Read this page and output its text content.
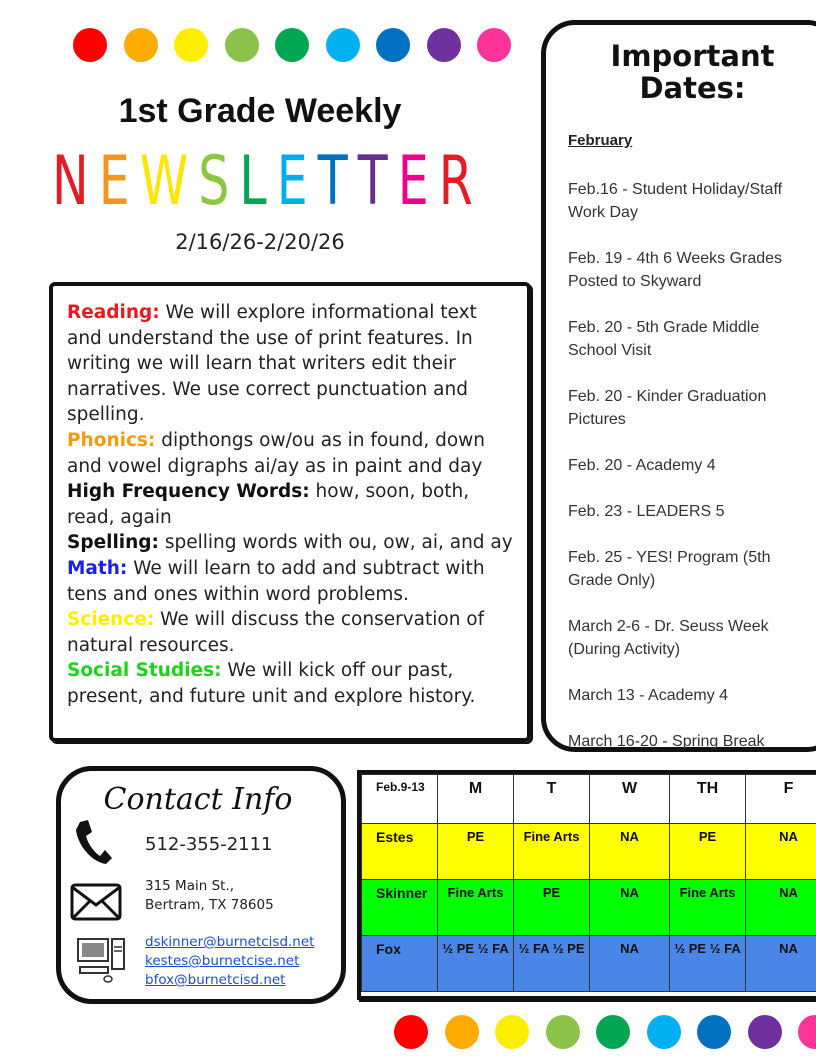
1st Grade Weekly
N E W S L E T T E R
2/16/26-2/20/26
Reading: We will explore informational text and understand the use of print features. In writing we will learn that writers edit their narratives. We use correct punctuation and spelling.
Phonics: dipthongs ow/ou as in found, down and vowel digraphs ai/ay as in paint and day
High Frequency Words: how, soon, both, read, again
Spelling: spelling words with ou, ow, ai, and ay
Math: We will learn to add and subtract with tens and ones within word problems.
Science: We will discuss the conservation of natural resources.
Social Studies: We will kick off our past, present, and future unit and explore history.
Important
Dates:
February
Feb.16 - Student Holiday/Staff Work Day
Feb. 19 - 4th 6 Weeks Grades Posted to Skyward
Feb. 20 - 5th Grade Middle School Visit
Feb. 20 - Kinder Graduation Pictures
Feb. 20 - Academy 4
Feb. 23 - LEADERS 5
Feb. 25 - YES! Program (5th Grade Only)
March 2-6 - Dr. Seuss Week (During Activity)
March 13 - Academy 4
March 16-20 - Spring Break
Contact Info
512-355-2111
315 Main St.,
Bertram, TX 78605
dskinner@burnetcisd.net
kestes@burnetcise.net
bfox@burnetcisd.net
Feb.9-13	M	T	W	TH	F
Estes	PE	Fine Arts	NA	PE	NA
Skinner	Fine Arts	PE	NA	Fine Arts	NA
Fox	½ PE ½ FA	½ FA ½ PE	NA	½ PE ½ FA	NA
